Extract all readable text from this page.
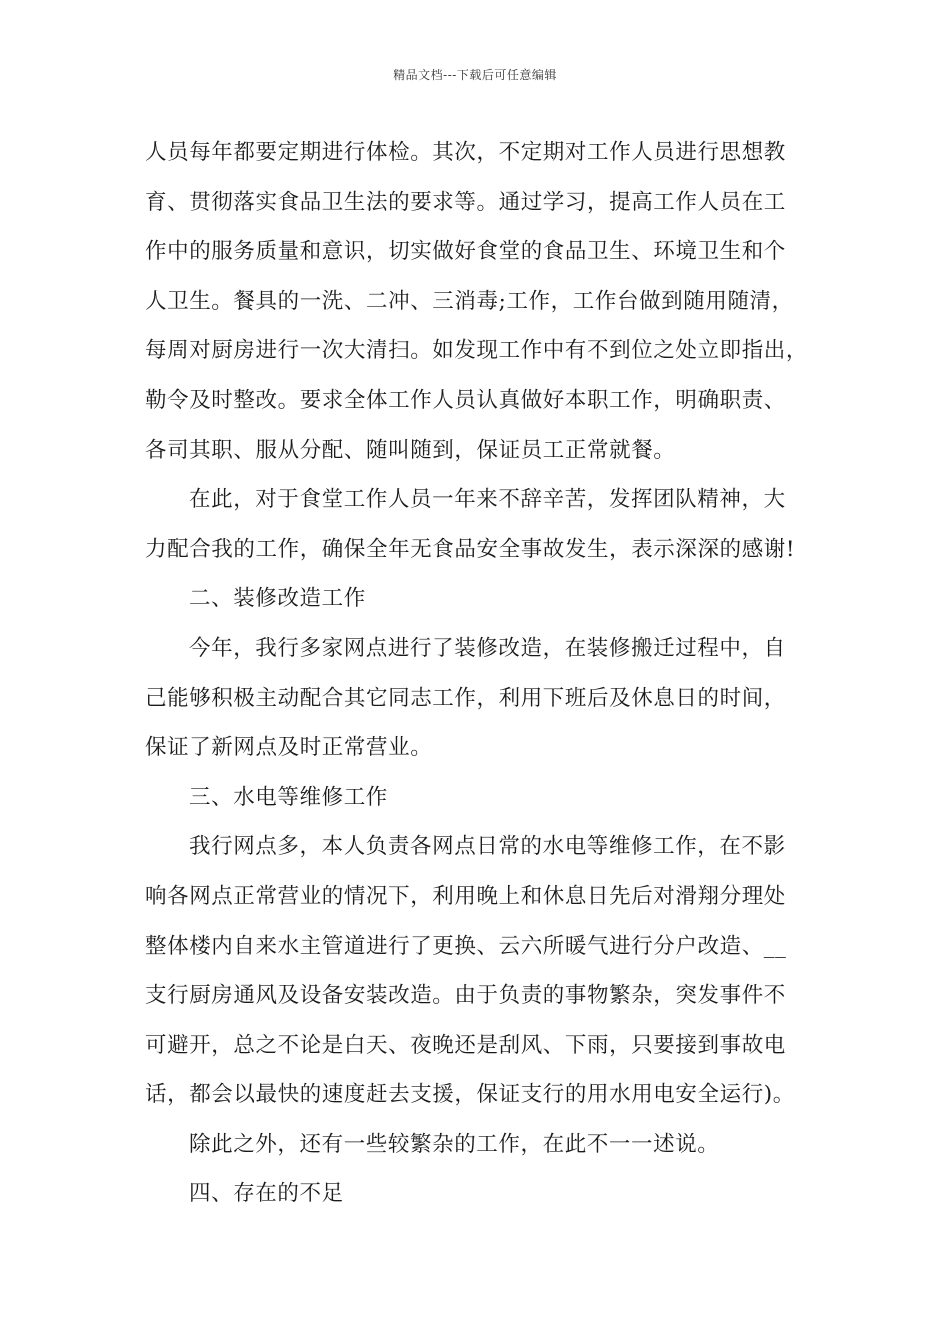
精品文档---下载后可任意编辑
人员每年都要定期进行体检。其次，不定期对工作人员进行思想教
育、贯彻落实食品卫生法的要求等。通过学习，提高工作人员在工
作中的服务质量和意识，切实做好食堂的食品卫生、环境卫生和个
人卫生。餐具的一洗、二冲、三消毒;工作，工作台做到随用随清，
每周对厨房进行一次大清扫。如发现工作中有不到位之处立即指出，
勒令及时整改。要求全体工作人员认真做好本职工作，明确职责、
各司其职、服从分配、随叫随到，保证员工正常就餐。
在此，对于食堂工作人员一年来不辞辛苦，发挥团队精神，大
力配合我的工作，确保全年无食品安全事故发生，表示深深的感谢!
二、装修改造工作
今年，我行多家网点进行了装修改造，在装修搬迁过程中，自
己能够积极主动配合其它同志工作，利用下班后及休息日的时间，
保证了新网点及时正常营业。
三、水电等维修工作
我行网点多，本人负责各网点日常的水电等维修工作，在不影
响各网点正常营业的情况下，利用晚上和休息日先后对滑翔分理处
整体楼内自来水主管道进行了更换、云六所暖气进行分户改造、__
支行厨房通风及设备安装改造。由于负责的事物繁杂，突发事件不
可避开，总之不论是白天、夜晚还是刮风、下雨，只要接到事故电
话，都会以最快的速度赶去支援，保证支行的用水用电安全运行)。
除此之外，还有一些较繁杂的工作，在此不一一述说。
四、存在的不足
